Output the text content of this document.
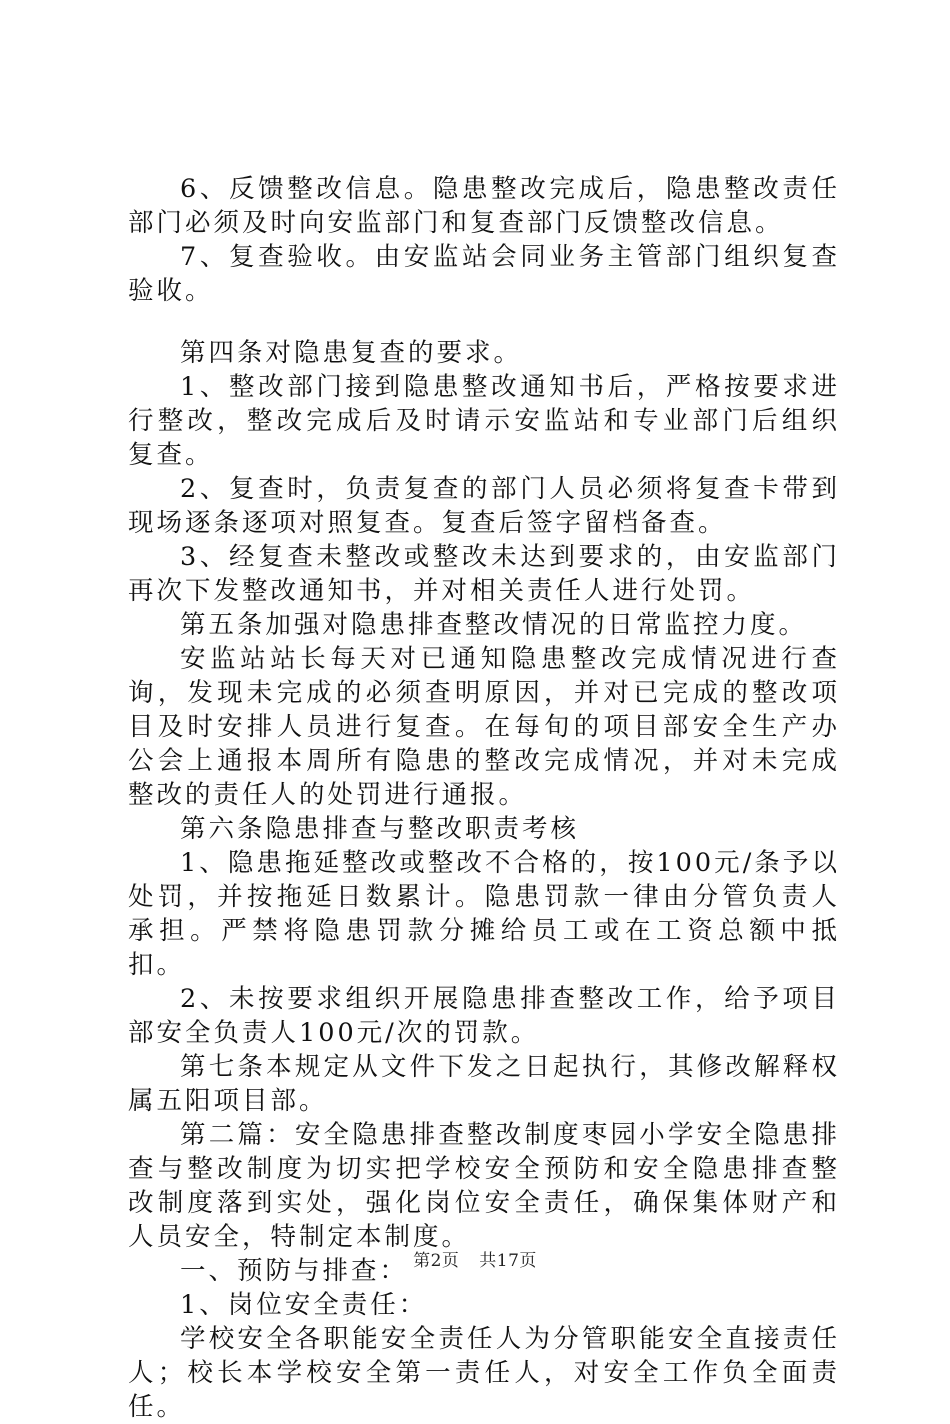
6、反馈整改信息。隐患整改完成后，隐患整改责任部门必须及时向安监部门和复查部门反馈整改信息。

7、复查验收。由安监站会同业务主管部门组织复查验收。

第四条对隐患复查的要求。

1、整改部门接到隐患整改通知书后，严格按要求进行整改，整改完成后及时请示安监站和专业部门后组织复查。

2、复查时，负责复查的部门人员必须将复查卡带到现场逐条逐项对照复查。复查后签字留档备查。

3、经复查未整改或整改未达到要求的，由安监部门再次下发整改通知书，并对相关责任人进行处罚。

第五条加强对隐患排查整改情况的日常监控力度。

安监站站长每天对已通知隐患整改完成情况进行查询，发现未完成的必须查明原因，并对已完成的整改项目及时安排人员进行复查。在每旬的项目部安全生产办公会上通报本周所有隐患的整改完成情况，并对未完成整改的责任人的处罚进行通报。

第六条隐患排查与整改职责考核

1、隐患拖延整改或整改不合格的，按100元/条予以处罚，并按拖延日数累计。隐患罚款一律由分管负责人承担。严禁将隐患罚款分摊给员工或在工资总额中抵扣。

2、未按要求组织开展隐患排查整改工作，给予项目部安全负责人100元/次的罚款。

第七条本规定从文件下发之日起执行，其修改解释权属五阳项目部。

第二篇：安全隐患排查整改制度枣园小学安全隐患排查与整改制度为切实把学校安全预防和安全隐患排查整改制度落到实处，强化岗位安全责任，确保集体财产和人员安全，特制定本制度。

一、预防与排查：

1、岗位安全责任：

学校安全各职能安全责任人为分管职能安全直接责任人；校长本学校安全第一责任人，对安全工作负全面责任。

第2页 共17页
